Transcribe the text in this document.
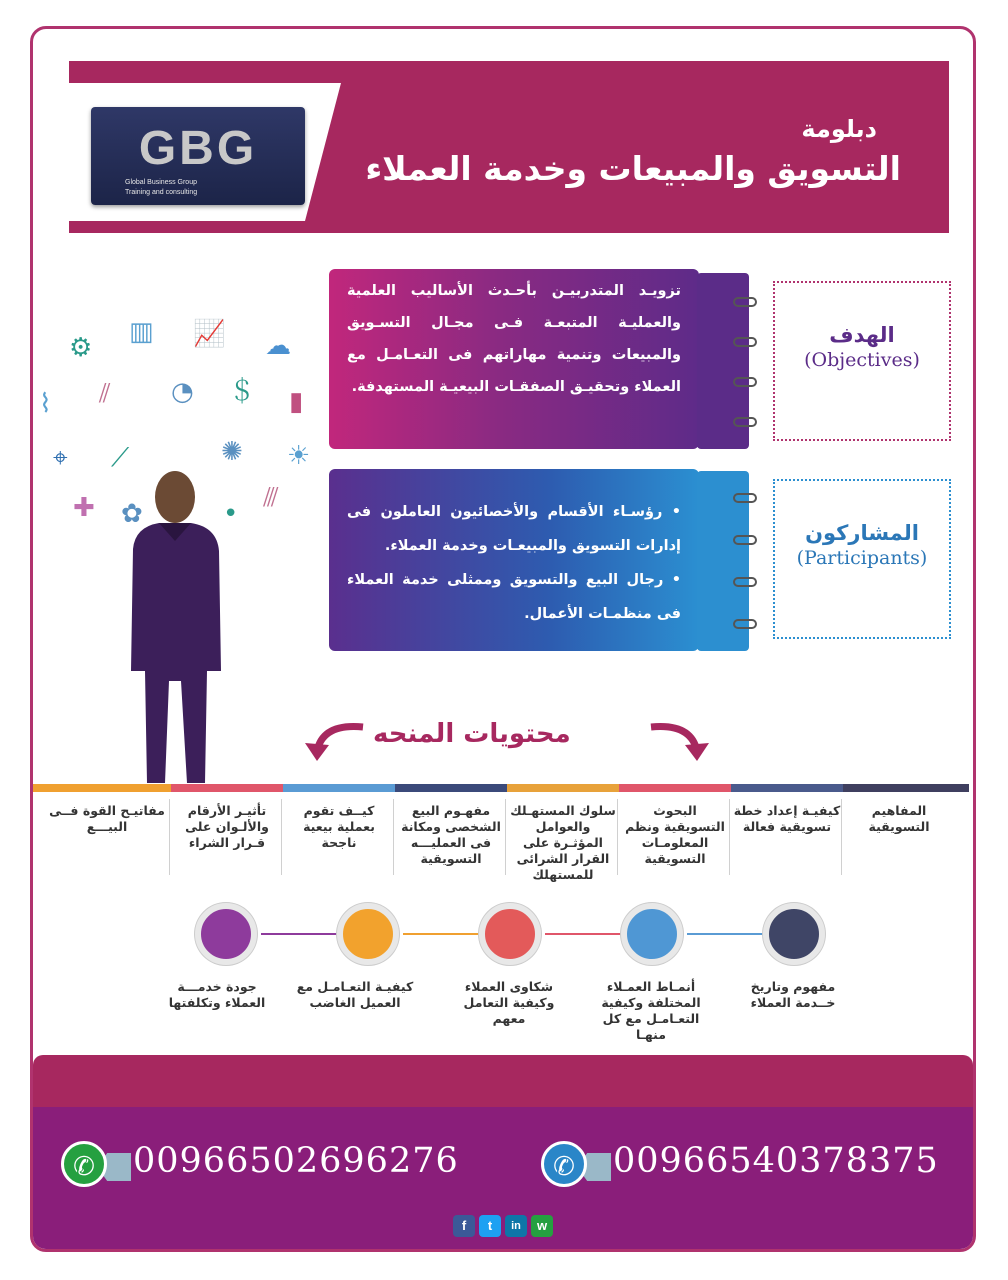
GBG
Global Business Group
Training and consulting
دبلومة
التسويق والمبيعات وخدمة العملاء
تزويـد المتدربيـن بأحـدث الأساليب العلمية والعمليـة المتبعـة فـى مجـال التسـويق والمبيعات وتنمية مهاراتهم فى التعـامـل مع العملاء وتحقيـق الصفقـات البيعيـة المستهدفة.
الهدف
(Objectives)
• رؤسـاء الأقسام والأخصائيون العاملون فى إدارات التسويق والمبيعـات وخدمة العملاء.
• رجال البيع والتسويق وممثلى خدمة العملاء فى منظمـات الأعمال.
المشاركون
(Participants)
⚙
▥ 📈 ☁
⌇ ⫽ ◔ ＄ ▮
⌖ ⟋	✺ ☀
✚ ✿	•
⫻
محتويات المنحه
المفاهيم التسويقية
كيفيـة إعداد خطة تسويقية فعالة
البحوث التسويقية ونظم المعلومـات التسويقية
سلوك المستهـلك والعوامل المؤثـرة على القرار الشرائى للمستهلك
مفهـوم البيع الشخصى ومكانة فى العمليـــه التسويقية
كيــف تقوم بعملية بيعية ناجحة
تأثيـر الأرقام والألـوان على قـرار الشراء
مفاتيـح القوة فــى البيـــع
مفهوم وتاريخ خــدمة العملاء
أنمـاط العمـلاء المختلفة وكيفية التعـامـل مع كل منهـا
شكاوى العملاء وكيفية التعامل معهم
كيفيـة التعـامـل مع العميل الغاضب
جودة خدمـــة العملاء وتكلفتها
✆	00966502696276	✆	00966540378375
f	t	in	w
